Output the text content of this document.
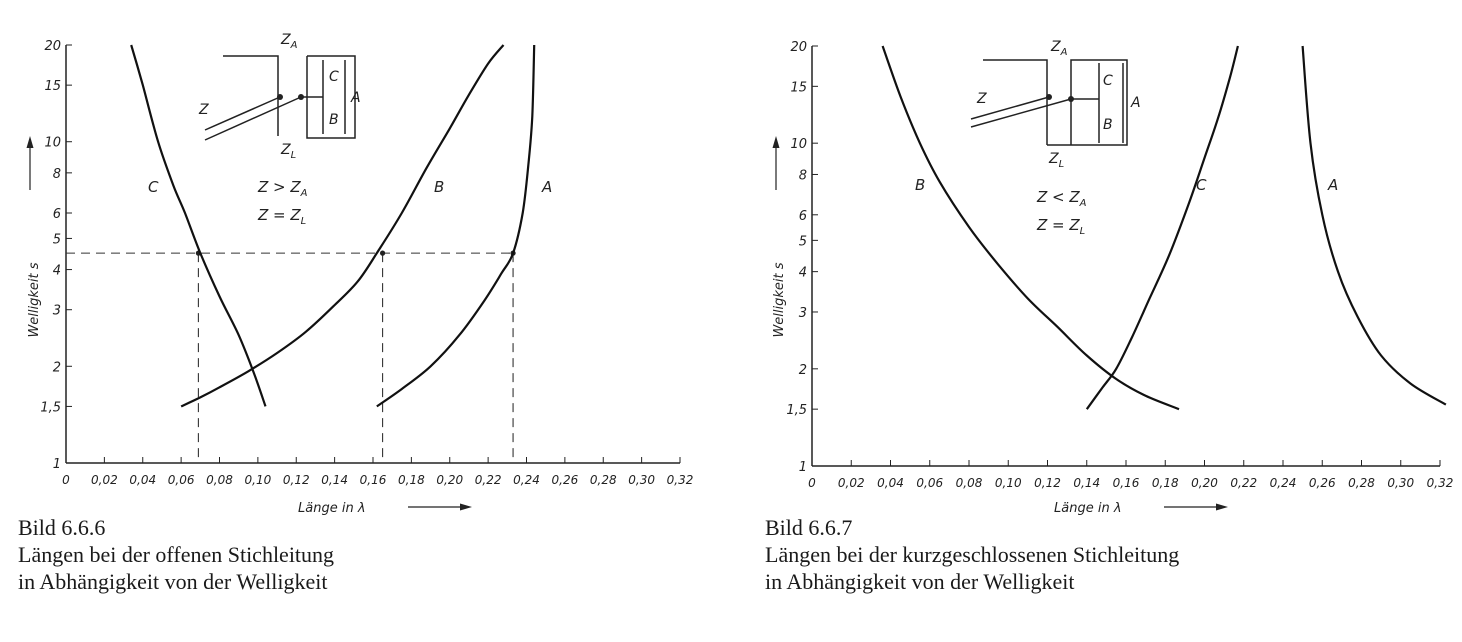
0 0,02 0,04 0,06 0,08 0,10 0,12 0,14 0,16 0,18 0,20 0,22 0,24 0,26 0,28 0,30 0,32
1
1,5
2
3
4
5
6
8
10
15
20
Welligkeit s
Länge in λ
C	B	A
C
B
A
Z
$Z_A$
$Z_L$
$Z > Z_A$
$Z = Z_L$
0 0,02 0,04 0,06 0,08 0,10 0,12 0,14 0,16 0,18 0,20 0,22 0,24 0,26 0,28 0,30 0,32
1
1,5
2
3
4
5
6
8
10
15
20
Welligkeit s
Länge in λ
B	C	A
C
B
A
Z
$Z_A$
$Z_L$
$Z < Z_A$
$Z = Z_L$
Bild 6.6.6
Längen bei der offenen Stichleitung
in Abhängigkeit von der Welligkeit
Bild 6.6.7
Längen bei der kurzgeschlossenen Stichleitung
in Abhängigkeit von der Welligkeit
